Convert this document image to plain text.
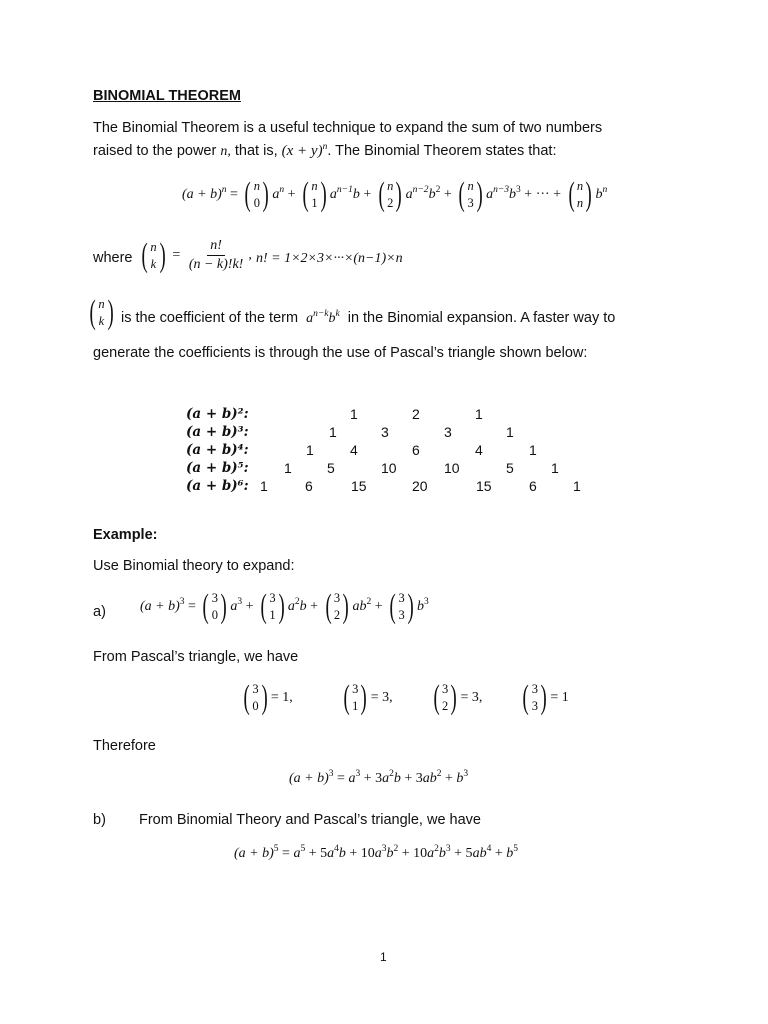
BINOMIAL THEOREM
The Binomial Theorem is a useful technique to expand the sum of two numbers
raised to the power n, that is, $(x + y)^n$. The Binomial Theorem states that:
$(a + b)^n$ = ( n
0 ) $a^n$ + ( n
1 ) $a^{n-1}b$ + ( n
2 ) $a^{n-2}b^2$ + ( n
3 ) $a^{n-3}b^3$ + ··· + ( n
n ) $b^n$
where ( n
k ) = $\frac{n!}{(n - k)!k!}$ , n! = 1×2×3×···×(n−1)×n
( n
k ) is the coefficient of the term $a^{n-k}b^k$ in the Binomial expansion. A faster way to
generate the coefficients is through the use of Pascal’s triangle shown below:
(a + b)²:	1	2	1
(a + b)³:	1	3	3	1
(a + b)⁴:	1	4	6	4	1
(a + b)⁵:	1	5	10	10	5	1
(a + b)⁶: 1	6	15	20	15	6	1
Example:
Use Binomial theory to expand:
a) $(a + b)^3$ = ( 3
0 ) $a^3$ + ( 3
1 ) $a^2b$ + ( 3
2 ) $ab^2$ + ( 3
3 ) $b^3$
From Pascal’s triangle, we have
( 3
0 ) = 1, ( 3
1 ) = 3, ( 3
2 ) = 3, ( 3
3 ) = 1
Therefore
$(a + b)^3 = a^3 + 3a^2b + 3ab^2 + b^3$
b) From Binomial Theory and Pascal’s triangle, we have
$(a + b)^5 = a^5 + 5a^4b + 10a^3b^2 + 10a^2b^3 + 5ab^4 + b^5$
1
